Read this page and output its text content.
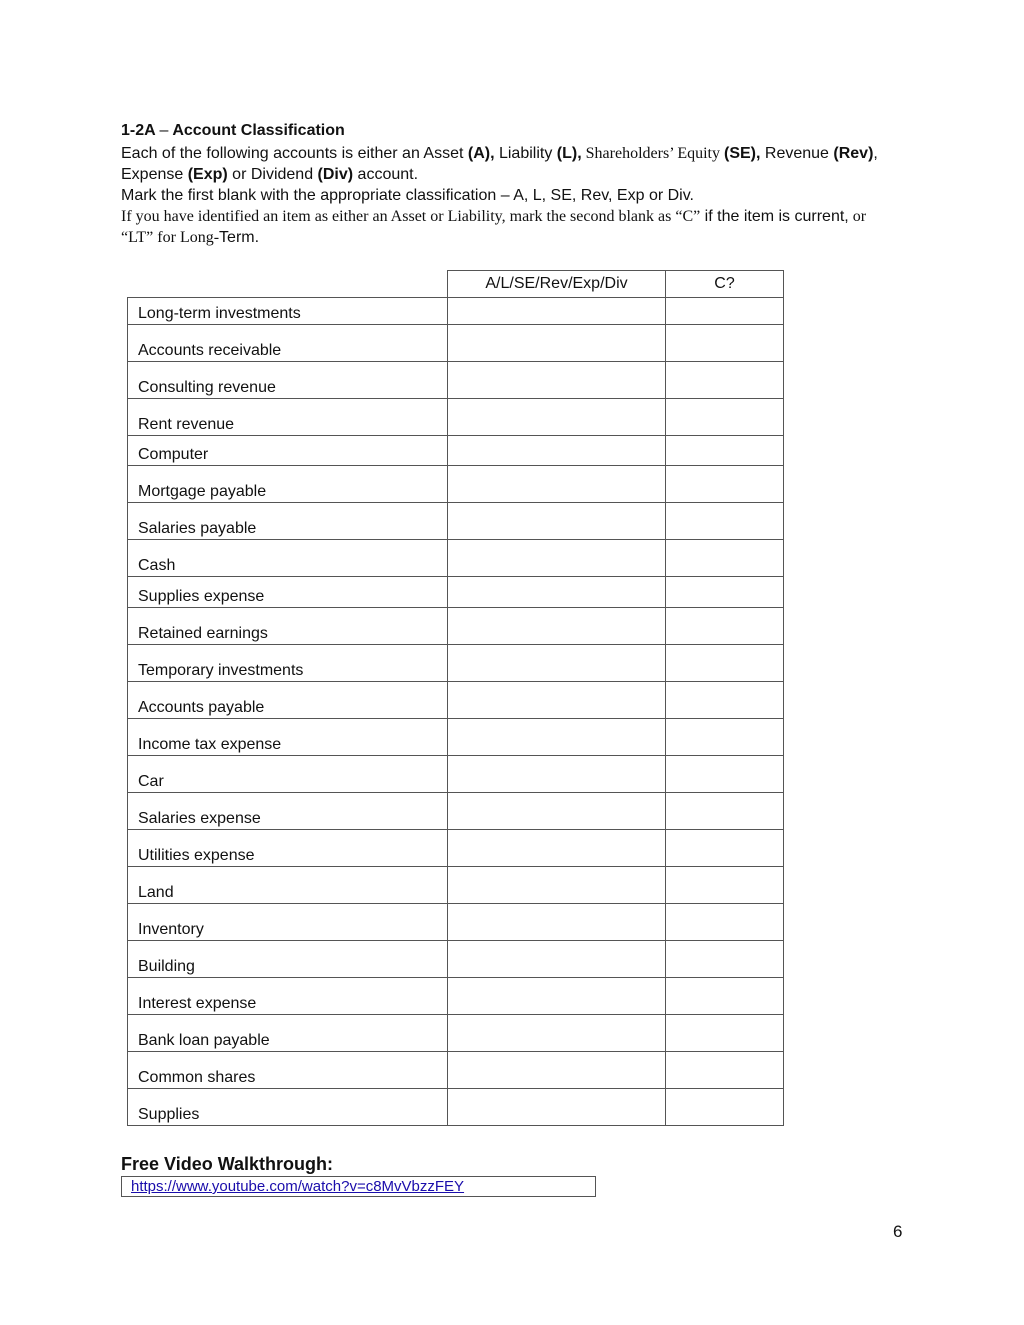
1-2A – Account Classification

Each of the following accounts is either an Asset (A), Liability (L), Shareholders’ Equity (SE), Revenue (Rev), Expense (Exp) or Dividend (Div) account.

Mark the first blank with the appropriate classification – A, L, SE, Rev, Exp or Div.

If you have identified an item as either an Asset or Liability, mark the second blank as “C” if the item is current, or “LT” for Long-Term.

	A/L/SE/Rev/Exp/Div	C?
Long-term investments		
Accounts receivable		
Consulting revenue		
Rent revenue		
Computer		
Mortgage payable		
Salaries payable		
Cash		
Supplies expense		
Retained earnings		
Temporary investments		
Accounts payable		
Income tax expense		
Car		
Salaries expense		
Utilities expense		
Land		
Inventory		
Building		
Interest expense		
Bank loan payable		
Common shares		
Supplies		
Free Video Walkthrough:
https://www.youtube.com/watch?v=c8MvVbzzFEY
6
